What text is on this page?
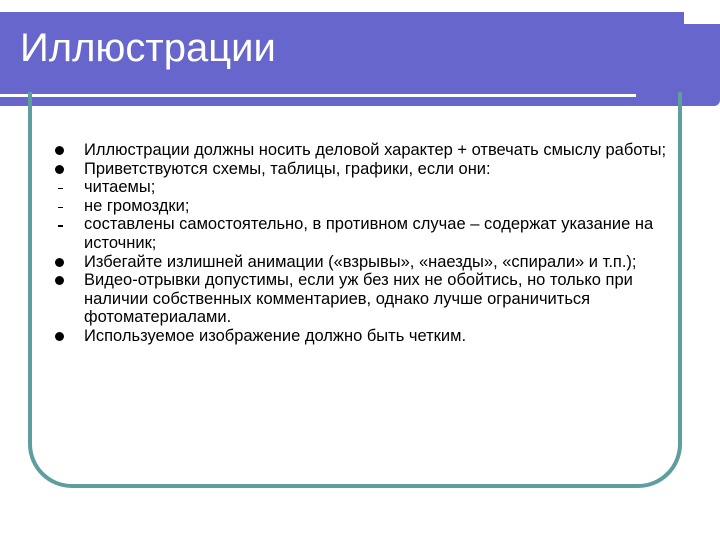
Иллюстрации
Иллюстрации должны носить деловой характер + отвечать смыслу работы;
Приветствуются схемы, таблицы, графики, если они:
читаемы;
не громоздки;
составлены самостоятельно, в противном случае – содержат указание на источник;
Избегайте излишней анимации («взрывы», «наезды», «спирали» и т.п.);
Видео-отрывки допустимы, если уж без них не обойтись, но только при наличии собственных комментариев, однако лучше ограничиться фотоматериалами.
Используемое изображение должно быть четким.
